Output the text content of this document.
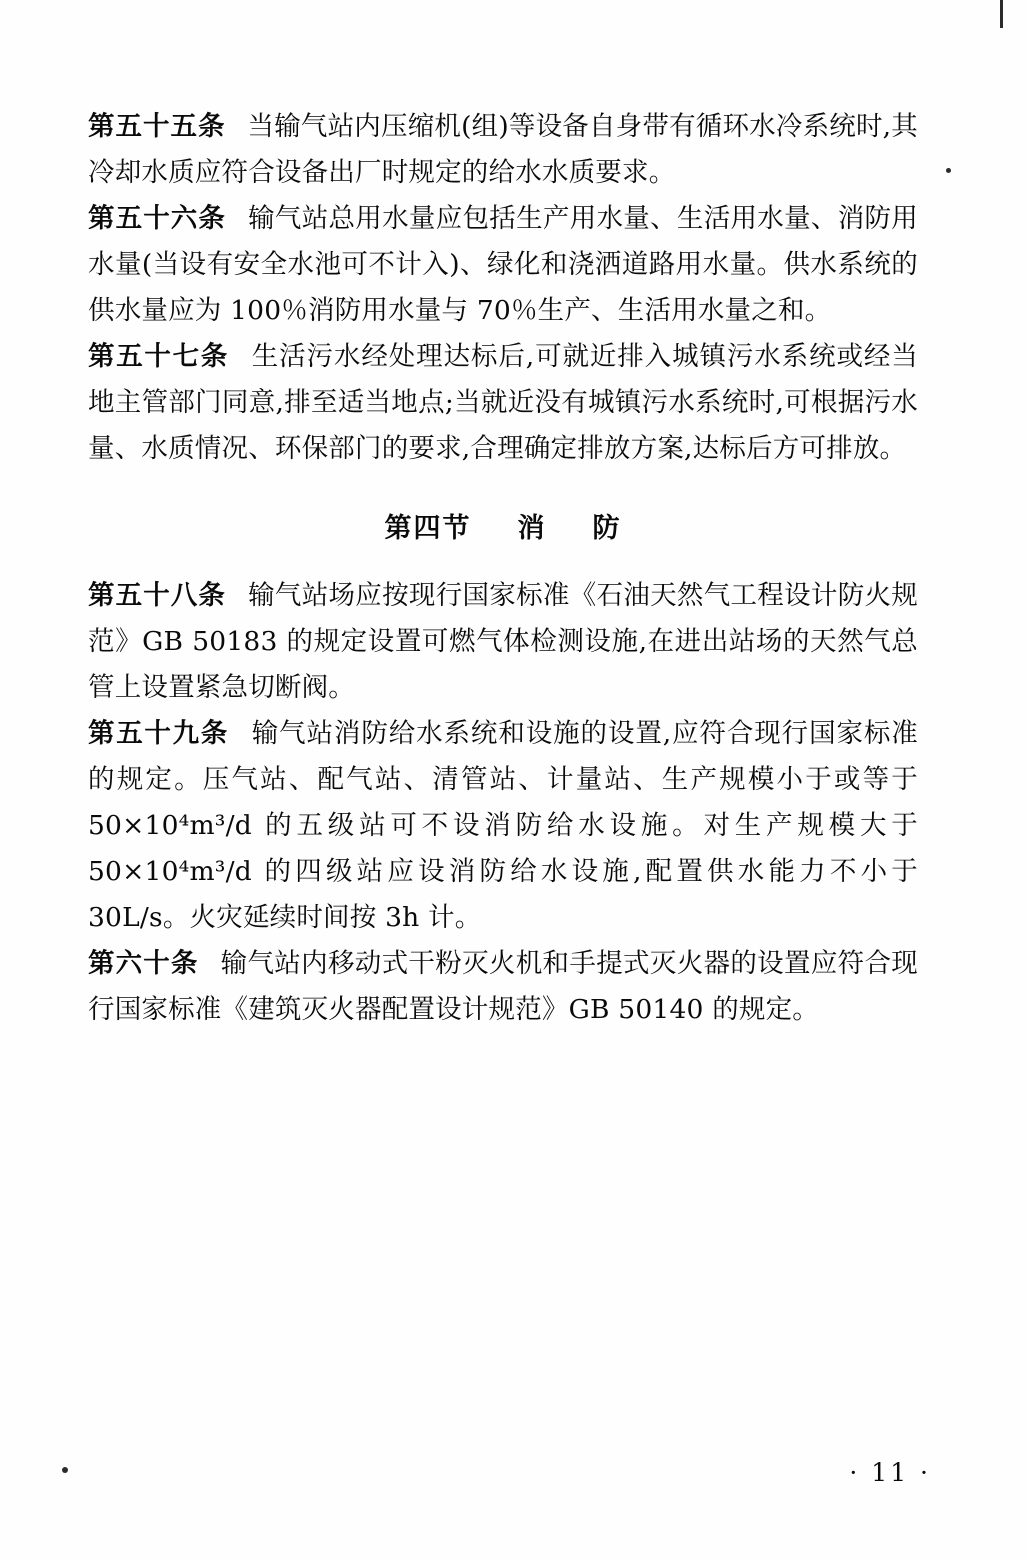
第五十五条 当输气站内压缩机(组)等设备自身带有循环水冷系统时,其冷却水质应符合设备出厂时规定的给水水质要求。

第五十六条 输气站总用水量应包括生产用水量、生活用水量、消防用水量(当设有安全水池可不计入)、绿化和浇洒道路用水量。供水系统的供水量应为 100％消防用水量与 70％生产、生活用水量之和。

第五十七条 生活污水经处理达标后,可就近排入城镇污水系统或经当地主管部门同意,排至适当地点;当就近没有城镇污水系统时,可根据污水量、水质情况、环保部门的要求,合理确定排放方案,达标后方可排放。

第四节 消 防

第五十八条 输气站场应按现行国家标准《石油天然气工程设计防火规范》GB 50183 的规定设置可燃气体检测设施,在进出站场的天然气总管上设置紧急切断阀。

第五十九条 输气站消防给水系统和设施的设置,应符合现行国家标准的规定。压气站、配气站、清管站、计量站、生产规模小于或等于 50×10⁴m³/d 的五级站可不设消防给水设施。对生产规模大于 50×10⁴m³/d 的四级站应设消防给水设施,配置供水能力不小于 30L/s。火灾延续时间按 3h 计。

第六十条 输气站内移动式干粉灭火机和手提式灭火器的设置应符合现行国家标准《建筑灭火器配置设计规范》GB 50140 的规定。

· 11 ·
